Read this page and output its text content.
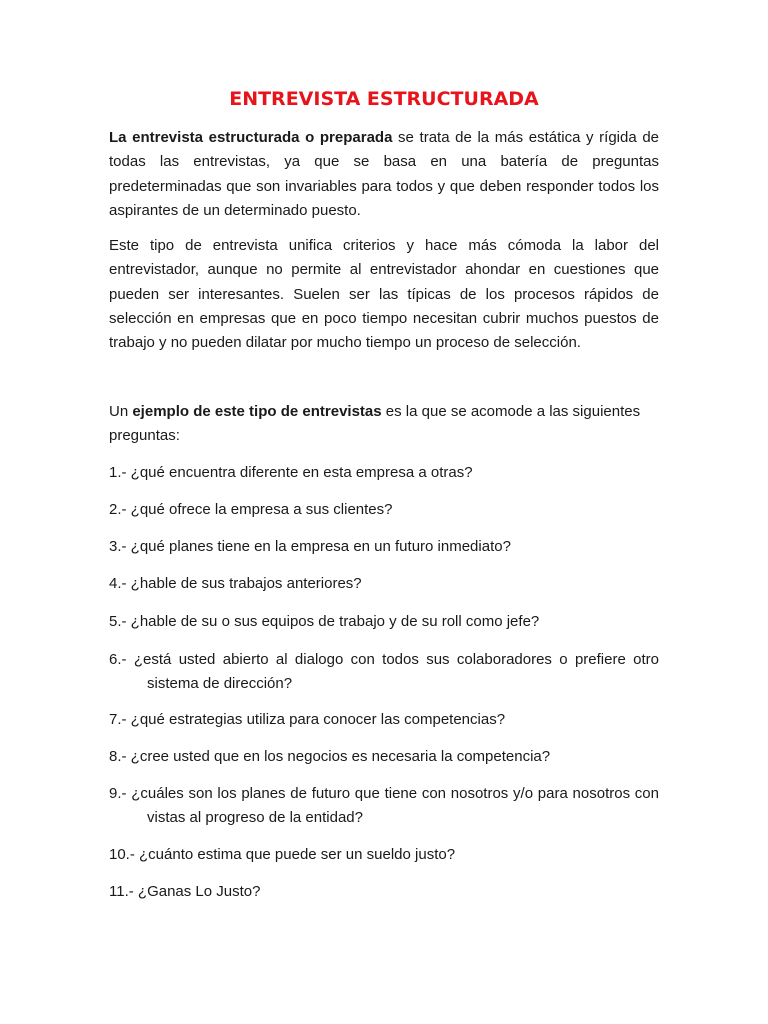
ENTREVISTA ESTRUCTURADA

La entrevista estructurada o preparada se trata de la más estática y rígida de todas las entrevistas, ya que se basa en una batería de preguntas predeterminadas que son invariables para todos y que deben responder todos los aspirantes de un determinado puesto.

Este tipo de entrevista unifica criterios y hace más cómoda la labor del entrevistador, aunque no permite al entrevistador ahondar en cuestiones que pueden ser interesantes. Suelen ser las típicas de los procesos rápidos de selección en empresas que en poco tiempo necesitan cubrir muchos puestos de trabajo y no pueden dilatar por mucho tiempo un proceso de selección.

Un ejemplo de este tipo de entrevistas es la que se acomode a las siguientes preguntas:

1.- ¿qué encuentra diferente en esta empresa a otras?

2.- ¿qué ofrece la empresa a sus clientes?

3.- ¿qué planes tiene en la empresa en un futuro inmediato?

4.- ¿hable de sus trabajos anteriores?

5.- ¿hable de su o sus equipos de trabajo y de su roll como jefe?

6.- ¿está usted abierto al dialogo con todos sus colaboradores o prefiere otro sistema de dirección?

7.- ¿qué estrategias utiliza para conocer las competencias?

8.- ¿cree usted que en los negocios es necesaria la competencia?

9.- ¿cuáles son los planes de futuro que tiene con nosotros y/o para nosotros con vistas al progreso de la entidad?

10.- ¿cuánto estima que puede ser un sueldo justo?

11.- ¿Ganas Lo Justo?
